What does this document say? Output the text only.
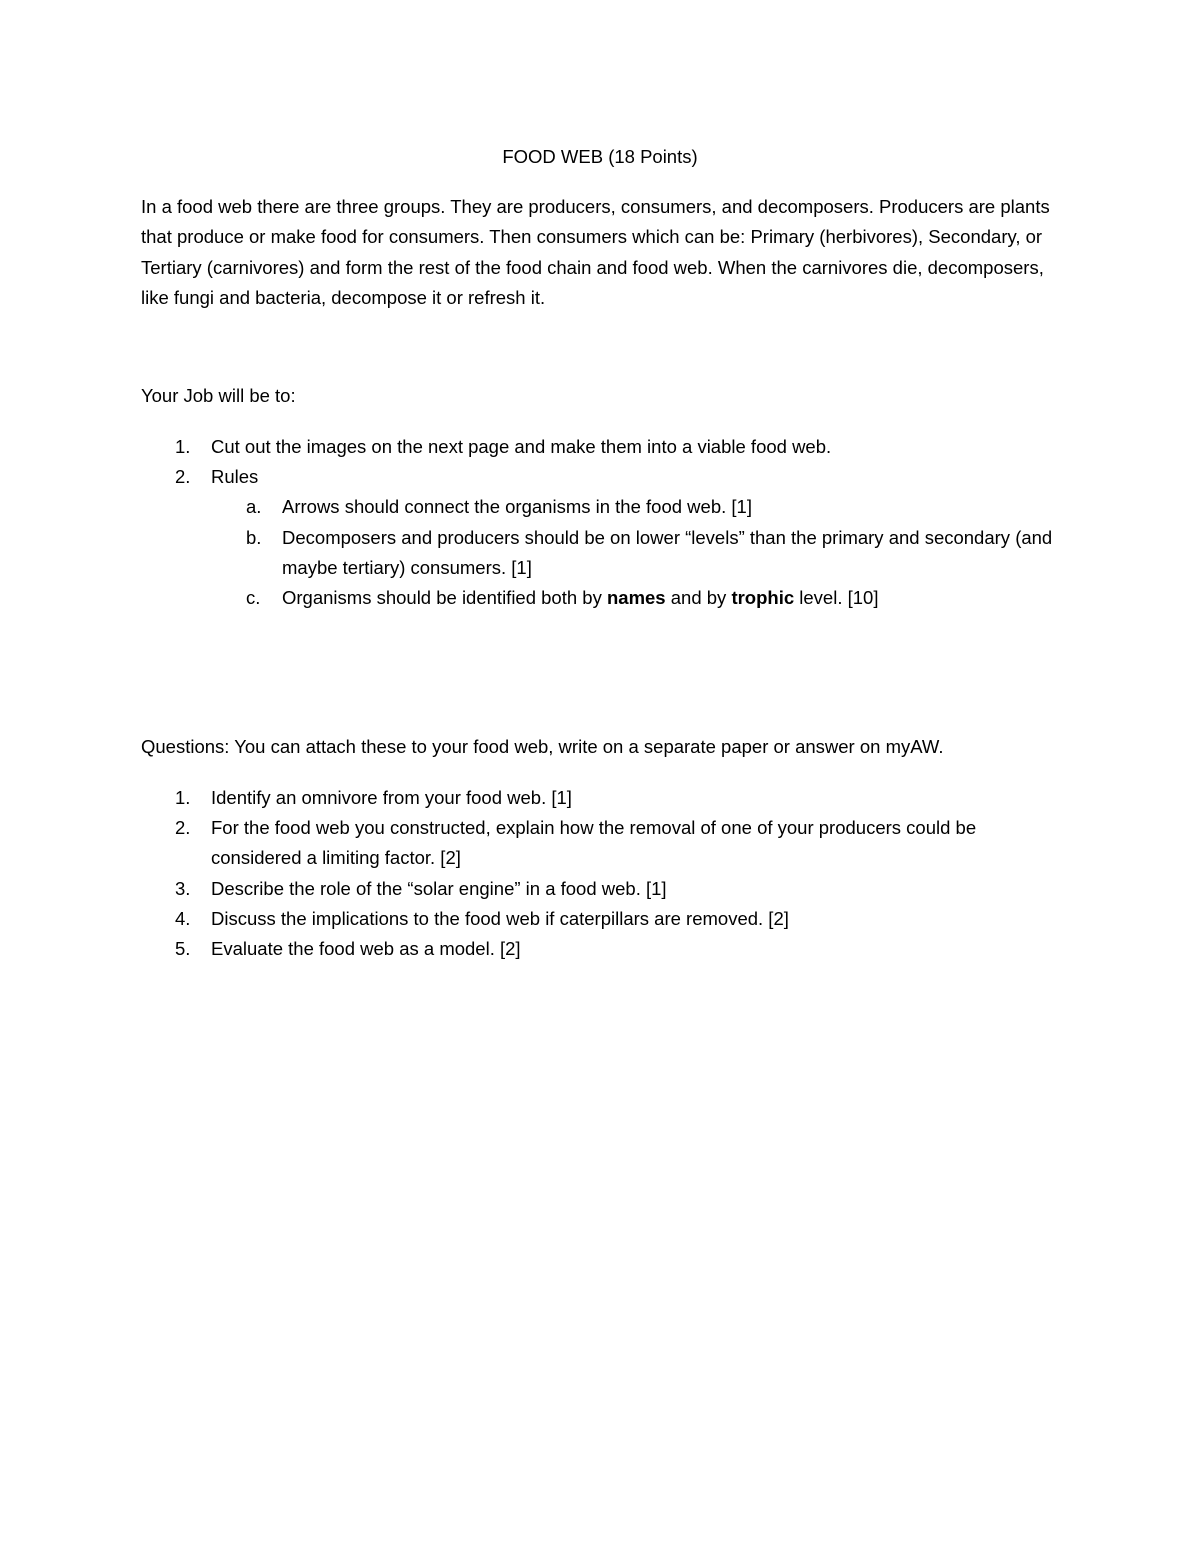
FOOD WEB (18 Points)

In a food web there are three groups. They are producers, consumers, and decomposers. Producers are plants that produce or make food for consumers. Then consumers which can be: Primary (herbivores), Secondary, or Tertiary (carnivores) and form the rest of the food chain and food web. When the carnivores die, decomposers, like fungi and bacteria, decompose it or refresh it.

Your Job will be to:

1. Cut out the images on the next page and make them into a viable food web.
2. Rules
a. Arrows should connect the organisms in the food web. [1]
b. Decomposers and producers should be on lower “levels” than the primary and secondary (and maybe tertiary) consumers. [1]
c. Organisms should be identified both by names and by trophic level. [10]

Questions: You can attach these to your food web, write on a separate paper or answer on myAW.

1. Identify an omnivore from your food web. [1]
2. For the food web you constructed, explain how the removal of one of your producers could be considered a limiting factor. [2]
3. Describe the role of the “solar engine” in a food web. [1]
4. Discuss the implications to the food web if caterpillars are removed. [2]
5. Evaluate the food web as a model. [2]
